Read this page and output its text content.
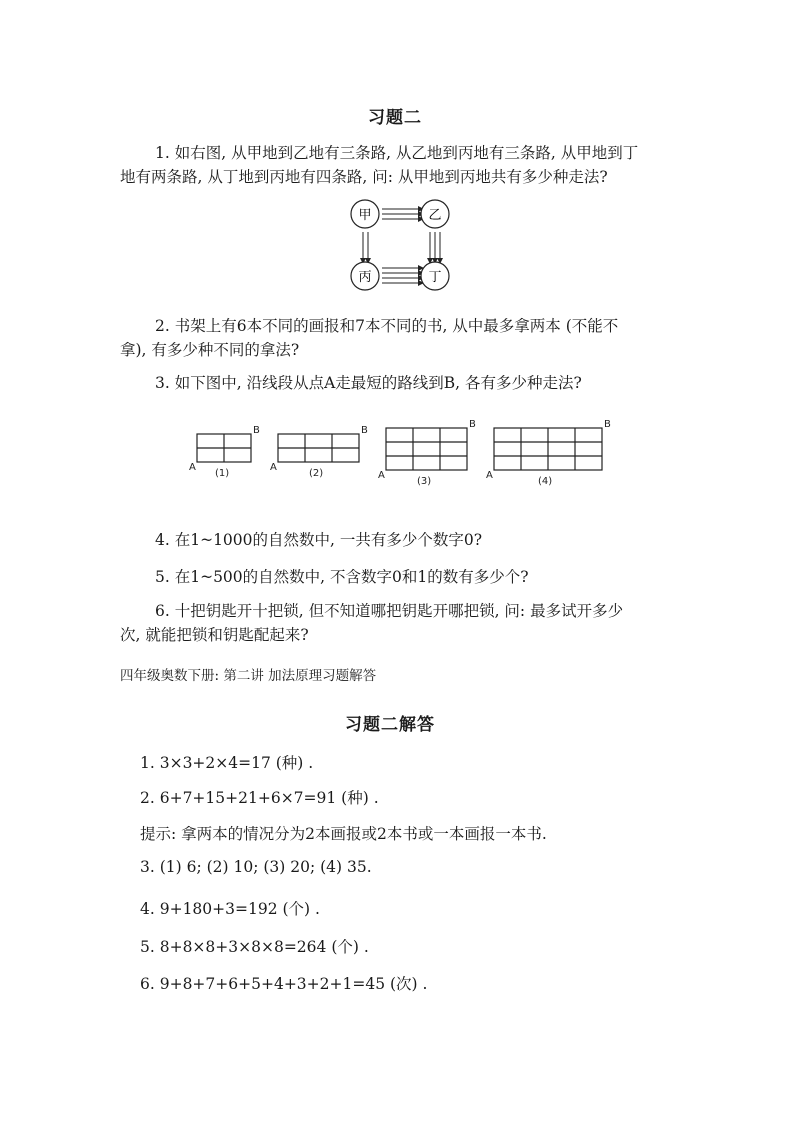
习题二
1. 如右图, 从甲地到乙地有三条路, 从乙地到丙地有三条路, 从甲地到丁
地有两条路, 从丁地到丙地有四条路, 问: 从甲地到丙地共有多少种走法?
甲	乙
丙	丁
2. 书架上有6本不同的画报和7本不同的书, 从中最多拿两本 (不能不
拿), 有多少种不同的拿法?
3. 如下图中, 沿线段从点A走最短的路线到B, 各有多少种走法?
A
B
(1)
A
B
(2)	A
B
(3)
A
B
(4)
4. 在1~1000的自然数中, 一共有多少个数字0?
5. 在1~500的自然数中, 不含数字0和1的数有多少个?
6. 十把钥匙开十把锁, 但不知道哪把钥匙开哪把锁, 问: 最多试开多少
次, 就能把锁和钥匙配起来?
四年级奥数下册: 第二讲 加法原理习题解答
习题二解答
1. 3×3+2×4=17 (种) .
2. 6+7+15+21+6×7=91 (种) .
提示: 拿两本的情况分为2本画报或2本书或一本画报一本书.
3. (1) 6; (2) 10; (3) 20; (4) 35.
4. 9+180+3=192 (个) .
5. 8+8×8+3×8×8=264 (个) .
6. 9+8+7+6+5+4+3+2+1=45 (次) .
